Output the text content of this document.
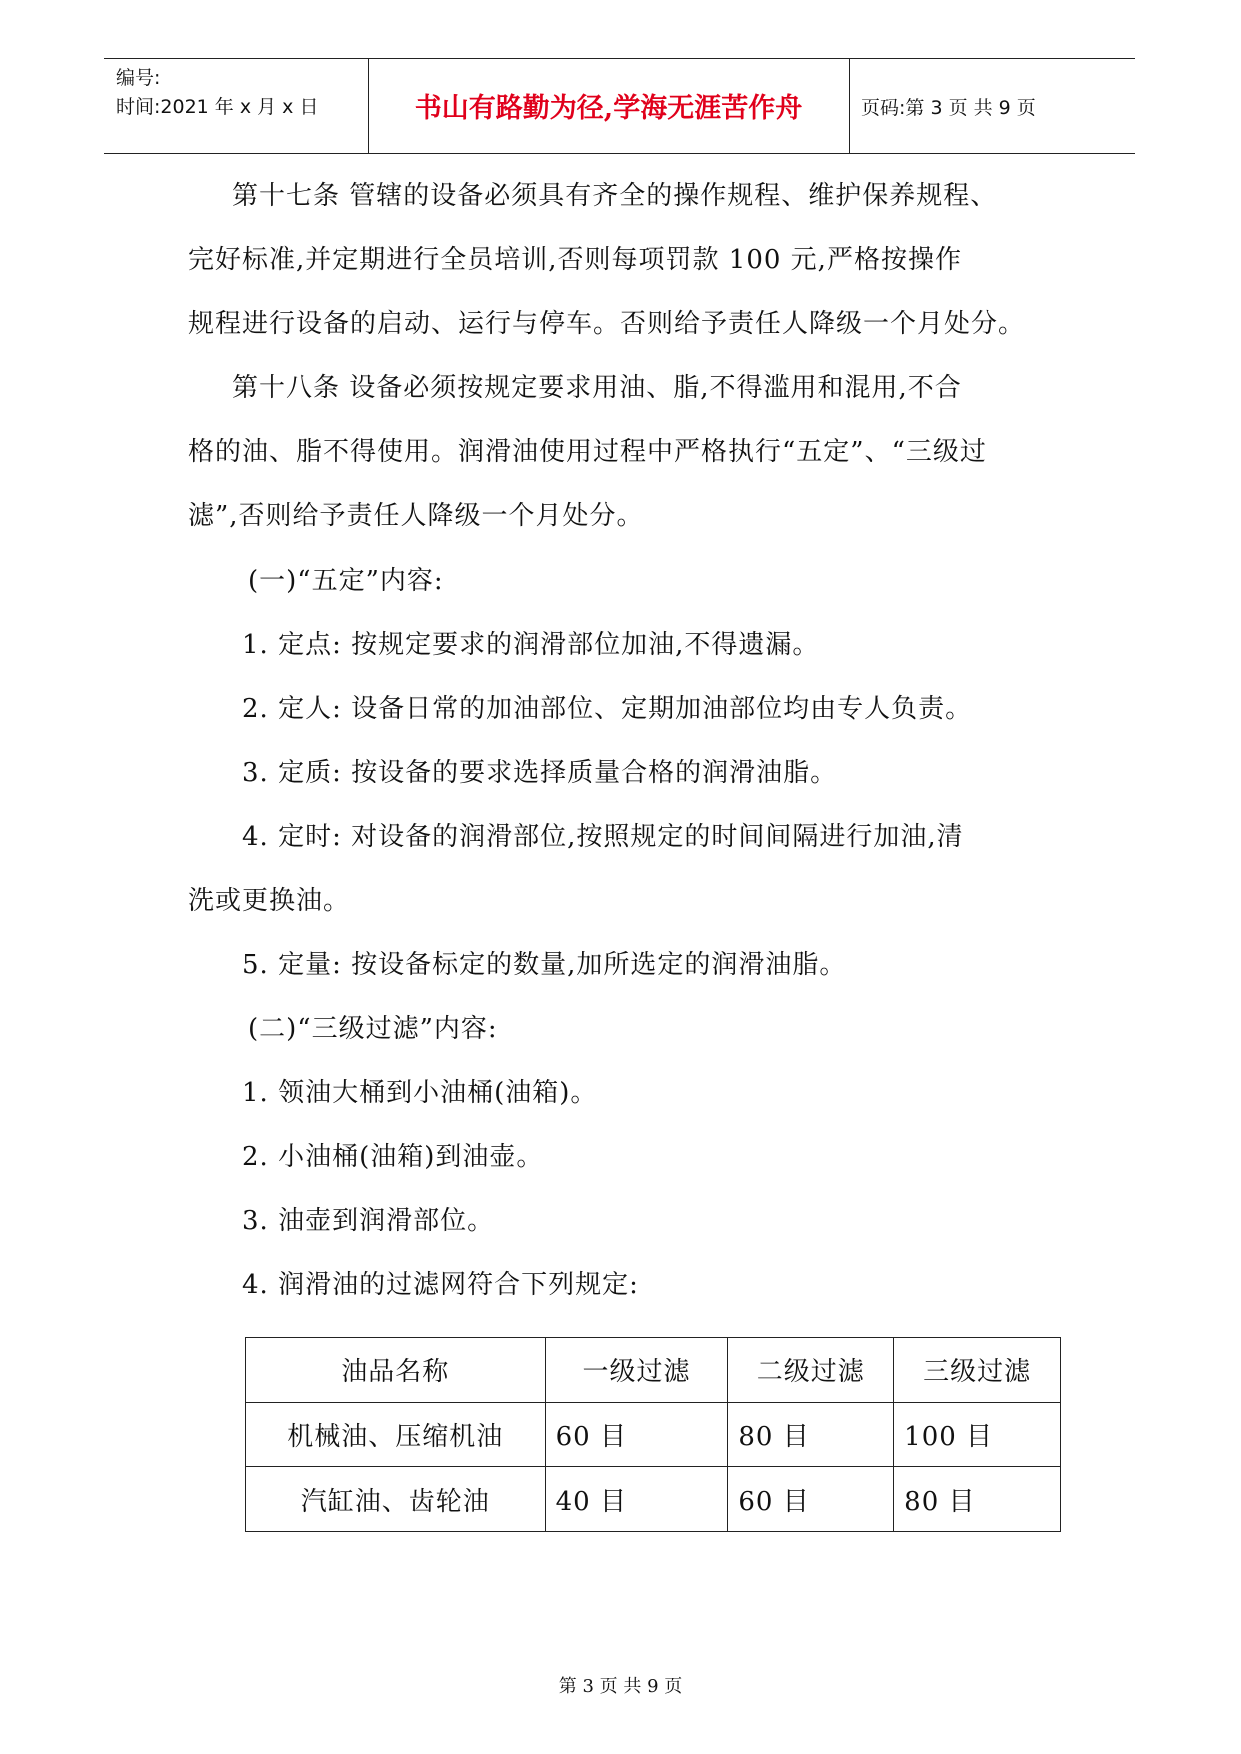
编号:
时间:2021 年 x 月 x 日	书山有路勤为径,学海无涯苦作舟	页码:第 3 页 共 9 页
第十七条 管辖的设备必须具有齐全的操作规程、维护保养规程、
完好标准,并定期进行全员培训,否则每项罚款 100 元,严格按操作
规程进行设备的启动、运行与停车。否则给予责任人降级一个月处分。
第十八条 设备必须按规定要求用油、脂,不得滥用和混用,不合
格的油、脂不得使用。润滑油使用过程中严格执行“五定”、“三级过
滤”,否则给予责任人降级一个月处分。
(一)“五定”内容:
1. 定点: 按规定要求的润滑部位加油,不得遗漏。
2. 定人: 设备日常的加油部位、定期加油部位均由专人负责。
3. 定质: 按设备的要求选择质量合格的润滑油脂。
4. 定时: 对设备的润滑部位,按照规定的时间间隔进行加油,清
洗或更换油。
5. 定量: 按设备标定的数量,加所选定的润滑油脂。
(二)“三级过滤”内容:
1. 领油大桶到小油桶(油箱)。
2. 小油桶(油箱)到油壶。
3. 油壶到润滑部位。
4. 润滑油的过滤网符合下列规定:
油品名称	一级过滤	二级过滤	三级过滤
机械油、压缩机油	60 目	80 目	100 目
汽缸油、齿轮油	40 目	60 目	80 目
第 3 页 共 9 页
